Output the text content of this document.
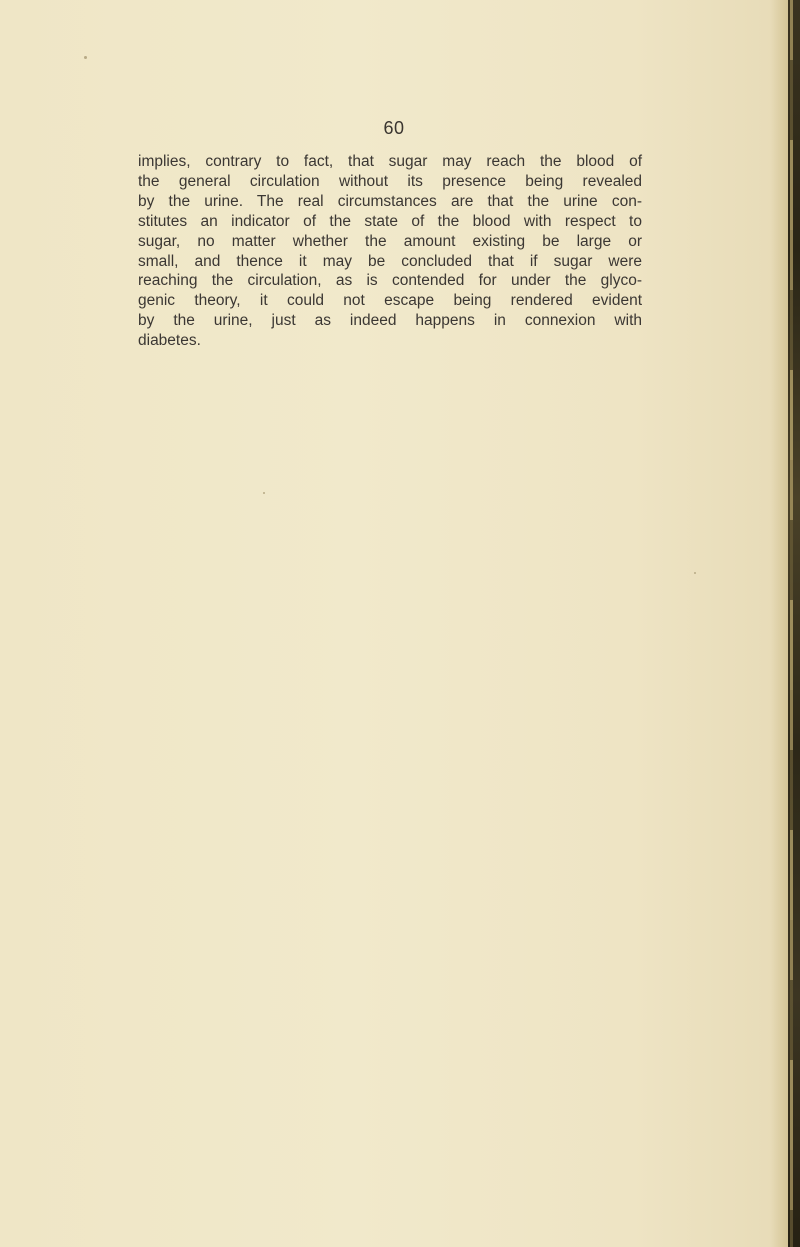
60

implies, contrary to fact, that sugar may reach the blood of
the general circulation without its presence being revealed
by the urine. The real circumstances are that the urine con-
stitutes an indicator of the state of the blood with respect to
sugar, no matter whether the amount existing be large or
small, and thence it may be concluded that if sugar were
reaching the circulation, as is contended for under the glyco-
genic theory, it could not escape being rendered evident
by the urine, just as indeed happens in connexion with
diabetes.
